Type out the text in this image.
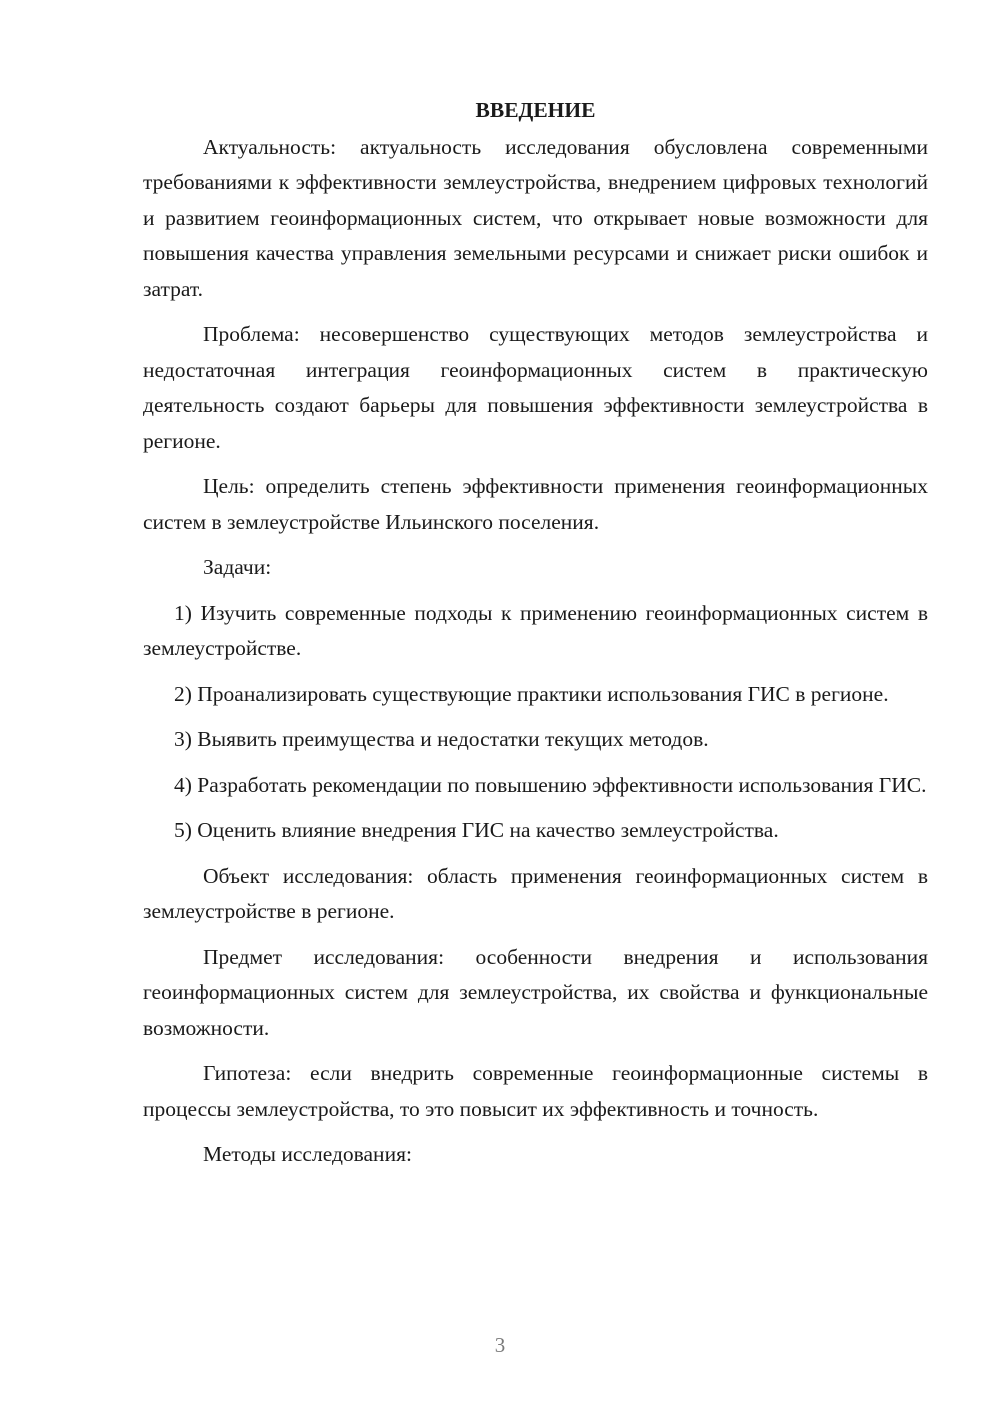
ВВЕДЕНИЕ

Актуальность: актуальность исследования обусловлена современными требованиями к эффективности землеустройства, внедрением цифровых технологий и развитием геоинформационных систем, что открывает новые возможности для повышения качества управления земельными ресурсами и снижает риски ошибок и затрат.

Проблема: несовершенство существующих методов землеустройства и недостаточная интеграция геоинформационных систем в практическую деятельность создают барьеры для повышения эффективности землеустройства в регионе.

Цель: определить степень эффективности применения геоинформационных систем в землеустройстве Ильинского поселения.

Задачи:

1) Изучить современные подходы к применению геоинформационных систем в землеустройстве.

2) Проанализировать существующие практики использования ГИС в регионе.

3) Выявить преимущества и недостатки текущих методов.

4) Разработать рекомендации по повышению эффективности использования ГИС.

5) Оценить влияние внедрения ГИС на качество землеустройства.

Объект исследования: область применения геоинформационных систем в землеустройстве в регионе.

Предмет исследования: особенности внедрения и использования геоинформационных систем для землеустройства, их свойства и функциональные возможности.

Гипотеза: если внедрить современные геоинформационные системы в процессы землеустройства, то это повысит их эффективность и точность.

Методы исследования:

3
